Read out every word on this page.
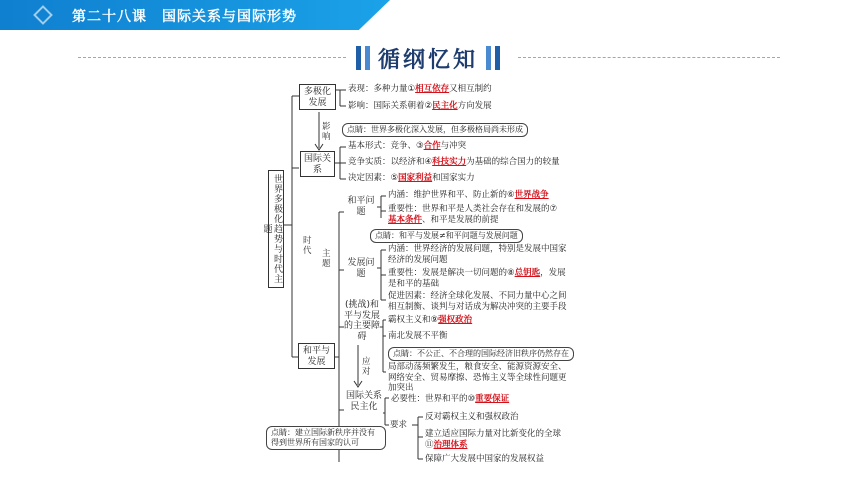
第二十八课　国际关系与国际形势
循纲忆知
世界多极化趋势与时代主题
多极化发展
表现：多种力量①相互依存又相互制约
影响：国际关系朝着②民主化方向发展
点睛：世界多极化深入发展，但多极格局尚未形成
影响
国际关系
基本形式：竞争、③合作与冲突
竞争实质：以经济和④科技实力为基础的综合国力的较量
决定因素：⑤国家利益和国家实力
时代 主题
和平与发展
和平问题
内涵：维护世界和平、防止新的⑥世界战争
重要性：世界和平是人类社会存在和发展的⑦
基本条件、和平是发展的前提
点睛：和平与发展≠和平问题与发展问题
发展问题
内涵：世界经济的发展问题，特别是发展中国家
经济的发展问题
重要性：发展是解决一切问题的⑧总钥匙，发展
是和平的基础
促进因素：经济全球化发展、不同力量中心之间
相互制衡、谈判与对话成为解决冲突的主要手段
(挑战)和平与发展的主要障碍
霸权主义和⑨强权政治
南北发展不平衡
点睛：不公正、不合理的国际经济旧秩序仍然存在
局部动荡频繁发生，粮食安全、能源资源安全、
网络安全、贸易摩擦、恐怖主义等全球性问题更
加突出
应对
国际关系民主化
必要性：世界和平的⑩重要保证
要求
反对霸权主义和强权政治
建立适应国际力量对比新变化的全球
⑪治理体系
保障广大发展中国家的发展权益
点睛：建立国际新秩序并没有得到世界所有国家的认可
